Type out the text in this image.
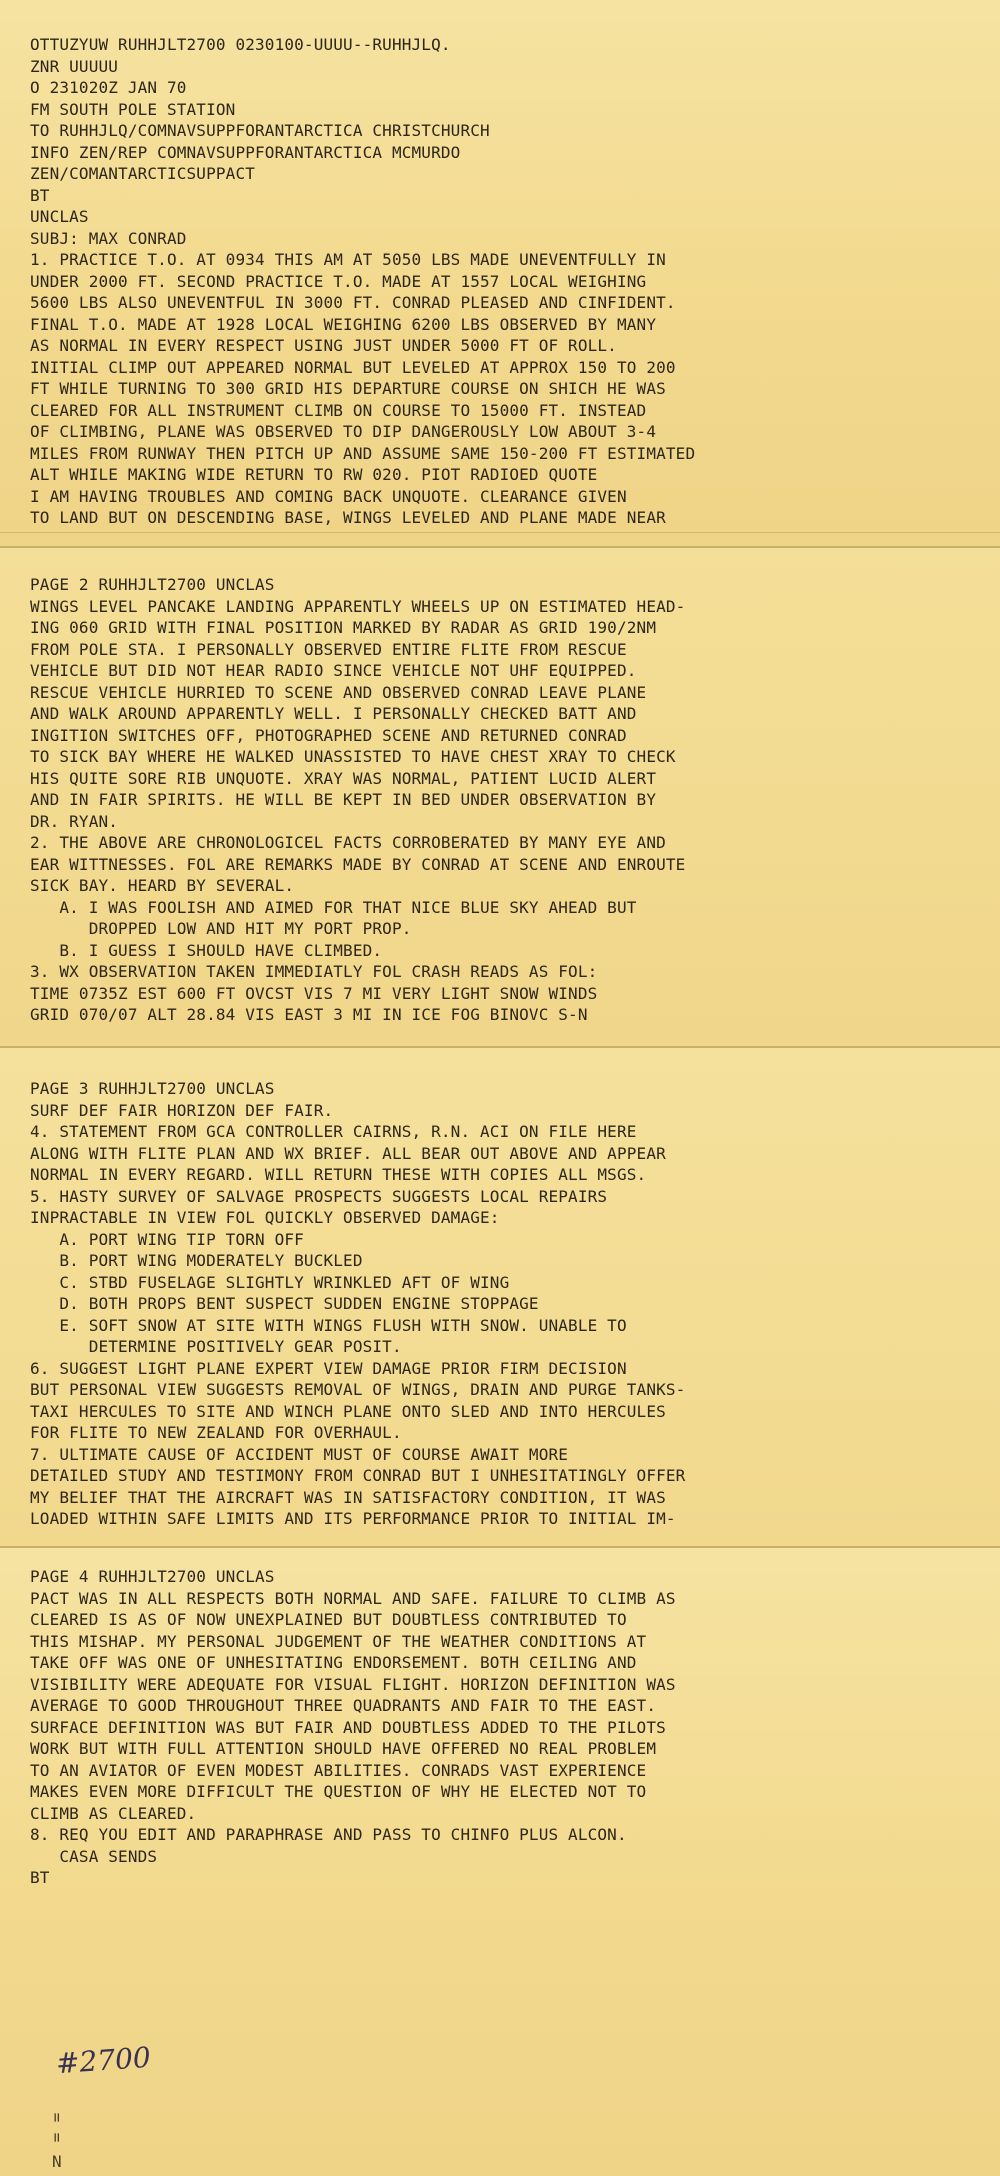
OTTUZYUW RUHHJLT2700 0230100-UUUU--RUHHJLQ.
ZNR UUUUU
O 231020Z JAN 70
FM SOUTH POLE STATION
TO RUHHJLQ/COMNAVSUPPFORANTARCTICA CHRISTCHURCH
INFO ZEN/REP COMNAVSUPPFORANTARCTICA MCMURDO
ZEN/COMANTARCTICSUPPACT
BT
UNCLAS
SUBJ: MAX CONRAD
1. PRACTICE T.O. AT 0934 THIS AM AT 5050 LBS MADE UNEVENTFULLY IN
UNDER 2000 FT. SECOND PRACTICE T.O. MADE AT 1557 LOCAL WEIGHING
5600 LBS ALSO UNEVENTFUL IN 3000 FT. CONRAD PLEASED AND CINFIDENT.
FINAL T.O. MADE AT 1928 LOCAL WEIGHING 6200 LBS OBSERVED BY MANY
AS NORMAL IN EVERY RESPECT USING JUST UNDER 5000 FT OF ROLL.
INITIAL CLIMP OUT APPEARED NORMAL BUT LEVELED AT APPROX 150 TO 200
FT WHILE TURNING TO 300 GRID HIS DEPARTURE COURSE ON SHICH HE WAS
CLEARED FOR ALL INSTRUMENT CLIMB ON COURSE TO 15000 FT. INSTEAD
OF CLIMBING, PLANE WAS OBSERVED TO DIP DANGEROUSLY LOW ABOUT 3-4
MILES FROM RUNWAY THEN PITCH UP AND ASSUME SAME 150-200 FT ESTIMATED
ALT WHILE MAKING WIDE RETURN TO RW 020. PIOT RADIOED QUOTE
I AM HAVING TROUBLES AND COMING BACK UNQUOTE. CLEARANCE GIVEN
TO LAND BUT ON DESCENDING BASE, WINGS LEVELED AND PLANE MADE NEAR
PAGE 2 RUHHJLT2700 UNCLAS
WINGS LEVEL PANCAKE LANDING APPARENTLY WHEELS UP ON ESTIMATED HEAD-
ING 060 GRID WITH FINAL POSITION MARKED BY RADAR AS GRID 190/2NM
FROM POLE STA. I PERSONALLY OBSERVED ENTIRE FLITE FROM RESCUE
VEHICLE BUT DID NOT HEAR RADIO SINCE VEHICLE NOT UHF EQUIPPED.
RESCUE VEHICLE HURRIED TO SCENE AND OBSERVED CONRAD LEAVE PLANE
AND WALK AROUND APPARENTLY WELL. I PERSONALLY CHECKED BATT AND
INGITION SWITCHES OFF, PHOTOGRAPHED SCENE AND RETURNED CONRAD
TO SICK BAY WHERE HE WALKED UNASSISTED TO HAVE CHEST XRAY TO CHECK
HIS QUITE SORE RIB UNQUOTE. XRAY WAS NORMAL, PATIENT LUCID ALERT
AND IN FAIR SPIRITS. HE WILL BE KEPT IN BED UNDER OBSERVATION BY
DR. RYAN.
2. THE ABOVE ARE CHRONOLOGICEL FACTS CORROBERATED BY MANY EYE AND
EAR WITTNESSES. FOL ARE REMARKS MADE BY CONRAD AT SCENE AND ENROUTE
SICK BAY. HEARD BY SEVERAL.
A. I WAS FOOLISH AND AIMED FOR THAT NICE BLUE SKY AHEAD BUT
DROPPED LOW AND HIT MY PORT PROP.
B. I GUESS I SHOULD HAVE CLIMBED.
3. WX OBSERVATION TAKEN IMMEDIATLY FOL CRASH READS AS FOL:
TIME 0735Z EST 600 FT OVCST VIS 7 MI VERY LIGHT SNOW WINDS
GRID 070/07 ALT 28.84 VIS EAST 3 MI IN ICE FOG BINOVC S-N
PAGE 3 RUHHJLT2700 UNCLAS
SURF DEF FAIR HORIZON DEF FAIR.
4. STATEMENT FROM GCA CONTROLLER CAIRNS, R.N. ACI ON FILE HERE
ALONG WITH FLITE PLAN AND WX BRIEF. ALL BEAR OUT ABOVE AND APPEAR
NORMAL IN EVERY REGARD. WILL RETURN THESE WITH COPIES ALL MSGS.
5. HASTY SURVEY OF SALVAGE PROSPECTS SUGGESTS LOCAL REPAIRS
INPRACTABLE IN VIEW FOL QUICKLY OBSERVED DAMAGE:
A. PORT WING TIP TORN OFF
B. PORT WING MODERATELY BUCKLED
C. STBD FUSELAGE SLIGHTLY WRINKLED AFT OF WING
D. BOTH PROPS BENT SUSPECT SUDDEN ENGINE STOPPAGE
E. SOFT SNOW AT SITE WITH WINGS FLUSH WITH SNOW. UNABLE TO
DETERMINE POSITIVELY GEAR POSIT.
6. SUGGEST LIGHT PLANE EXPERT VIEW DAMAGE PRIOR FIRM DECISION
BUT PERSONAL VIEW SUGGESTS REMOVAL OF WINGS, DRAIN AND PURGE TANKS-
TAXI HERCULES TO SITE AND WINCH PLANE ONTO SLED AND INTO HERCULES
FOR FLITE TO NEW ZEALAND FOR OVERHAUL.
7. ULTIMATE CAUSE OF ACCIDENT MUST OF COURSE AWAIT MORE
DETAILED STUDY AND TESTIMONY FROM CONRAD BUT I UNHESITATINGLY OFFER
MY BELIEF THAT THE AIRCRAFT WAS IN SATISFACTORY CONDITION, IT WAS
LOADED WITHIN SAFE LIMITS AND ITS PERFORMANCE PRIOR TO INITIAL IM-
PAGE 4 RUHHJLT2700 UNCLAS
PACT WAS IN ALL RESPECTS BOTH NORMAL AND SAFE. FAILURE TO CLIMB AS
CLEARED IS AS OF NOW UNEXPLAINED BUT DOUBTLESS CONTRIBUTED TO
THIS MISHAP. MY PERSONAL JUDGEMENT OF THE WEATHER CONDITIONS AT
TAKE OFF WAS ONE OF UNHESITATING ENDORSEMENT. BOTH CEILING AND
VISIBILITY WERE ADEQUATE FOR VISUAL FLIGHT. HORIZON DEFINITION WAS
AVERAGE TO GOOD THROUGHOUT THREE QUADRANTS AND FAIR TO THE EAST.
SURFACE DEFINITION WAS BUT FAIR AND DOUBTLESS ADDED TO THE PILOTS
WORK BUT WITH FULL ATTENTION SHOULD HAVE OFFERED NO REAL PROBLEM
TO AN AVIATOR OF EVEN MODEST ABILITIES. CONRADS VAST EXPERIENCE
MAKES EVEN MORE DIFFICULT THE QUESTION OF WHY HE ELECTED NOT TO
CLIMB AS CLEARED.
8. REQ YOU EDIT AND PARAPHRASE AND PASS TO CHINFO PLUS ALCON.
CASA SENDS
BT
#2700
=
=
N
